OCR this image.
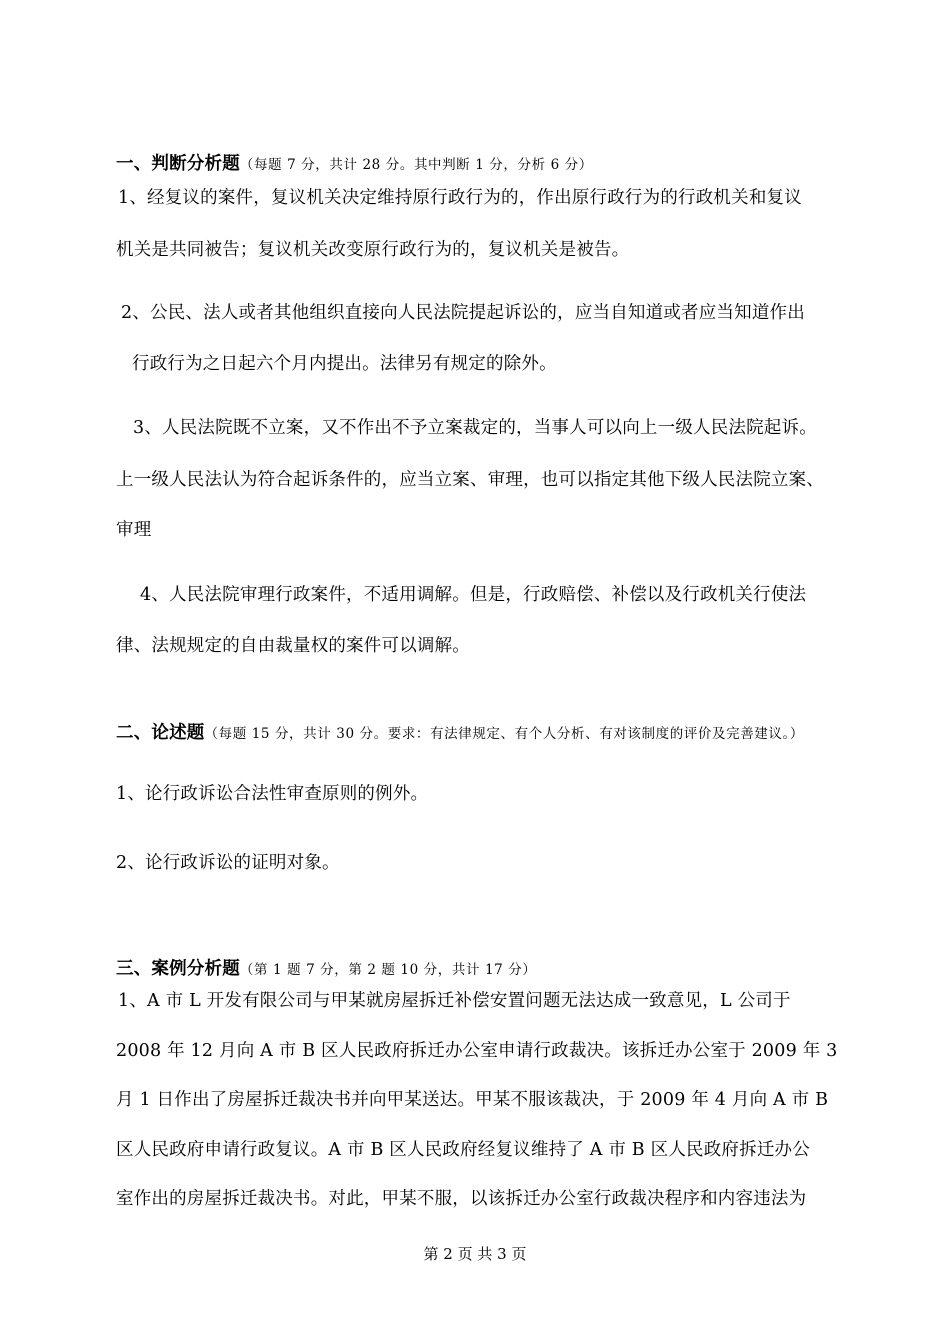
一、判断分析题（每题 7 分，共计 28 分。其中判断 1 分，分析 6 分）
1、经复议的案件，复议机关决定维持原行政行为的，作出原行政行为的行政机关和复议
机关是共同被告；复议机关改变原行政行为的，复议机关是被告。
2、公民、法人或者其他组织直接向人民法院提起诉讼的，应当自知道或者应当知道作出
行政行为之日起六个月内提出。法律另有规定的除外。
3、人民法院既不立案，又不作出不予立案裁定的，当事人可以向上一级人民法院起诉。
上一级人民法认为符合起诉条件的，应当立案、审理，也可以指定其他下级人民法院立案、
审理
4、人民法院审理行政案件，不适用调解。但是，行政赔偿、补偿以及行政机关行使法
律、法规规定的自由裁量权的案件可以调解。
二、论述题（每题 15 分，共计 30 分。要求：有法律规定、有个人分析、有对该制度的评价及完善建议。）
1、论行政诉讼合法性审查原则的例外。
2、论行政诉讼的证明对象。
三、案例分析题（第 1 题 7 分，第 2 题 10 分，共计 17 分）
1、A 市 L 开发有限公司与甲某就房屋拆迁补偿安置问题无法达成一致意见，L 公司于
2008 年 12 月向 A 市 B 区人民政府拆迁办公室申请行政裁决。该拆迁办公室于 2009 年 3
月 1 日作出了房屋拆迁裁决书并向甲某送达。甲某不服该裁决，于 2009 年 4 月向 A 市 B
区人民政府申请行政复议。A 市 B 区人民政府经复议维持了 A 市 B 区人民政府拆迁办公
室作出的房屋拆迁裁决书。对此，甲某不服，以该拆迁办公室行政裁决程序和内容违法为
第 2 页 共 3 页
